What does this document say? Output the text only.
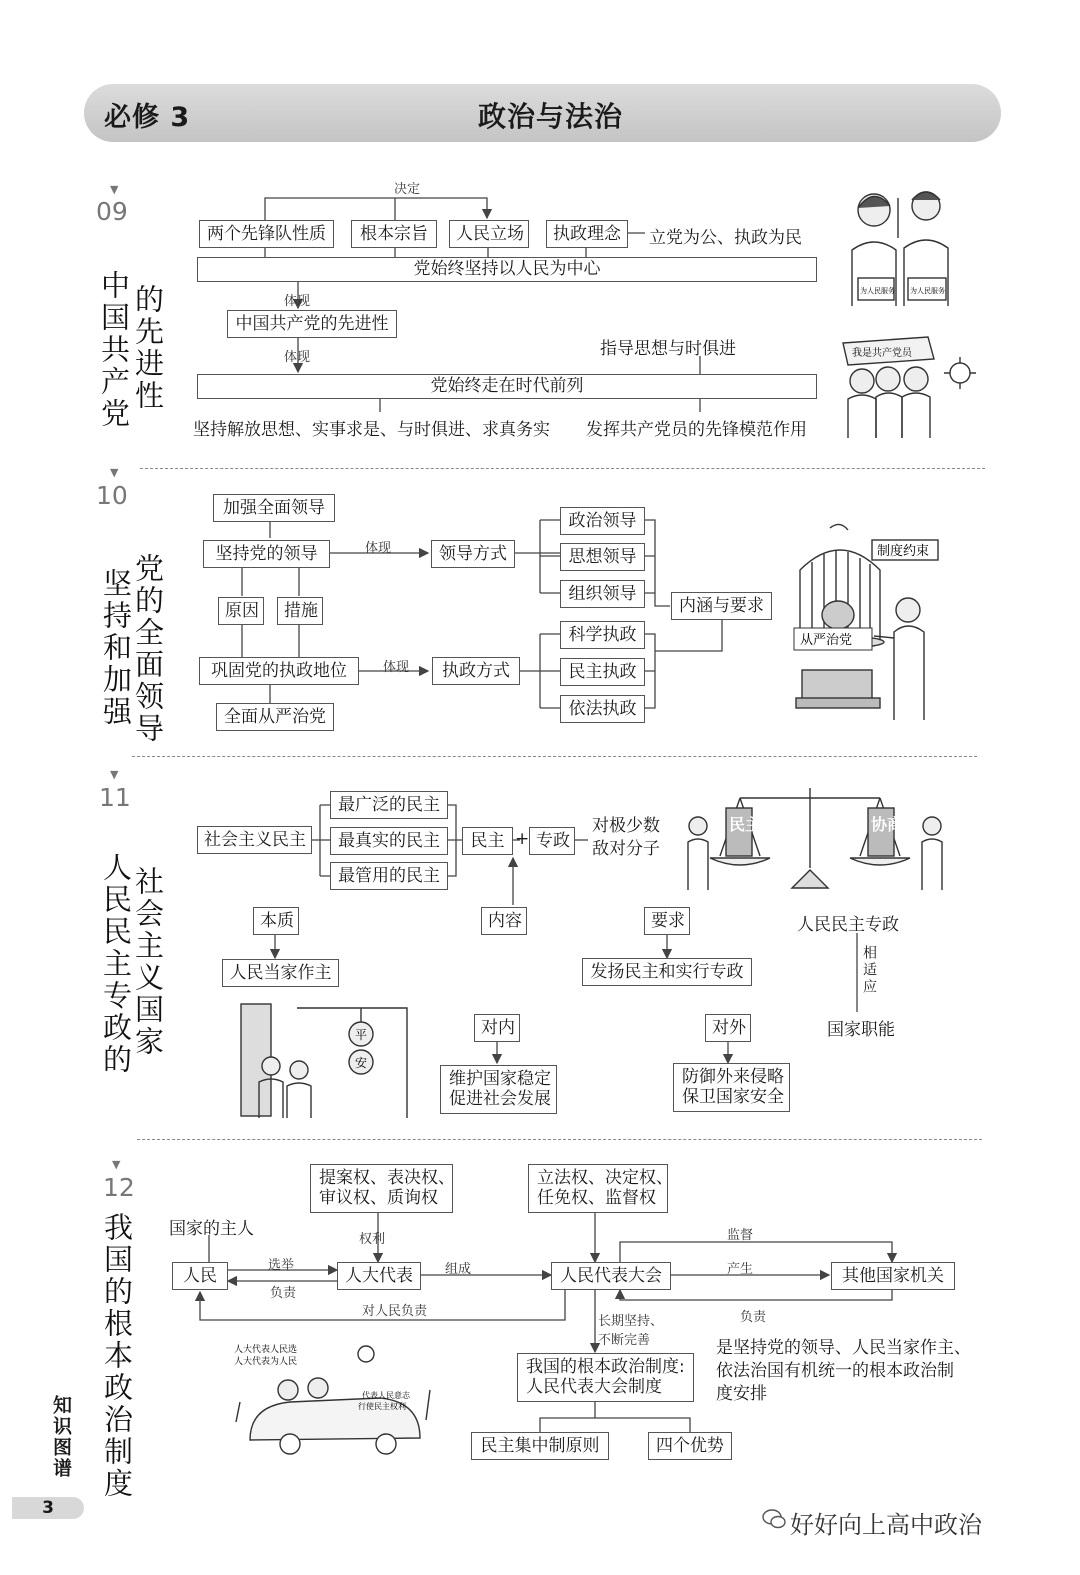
必修 3	政治与法治
▼
09
中国共产党 的先进性
决定
两个先锋队性质	根本宗旨	人民立场	执政理念	立党为公、执政为民
党始终坚持以人民为中心
体现
中国共产党的先进性
体现	指导思想与时俱进
党始终走在时代前列
坚持解放思想、实事求是、与时俱进、求真务实 发挥共产党员的先锋模范作用
为人民服务 为人民服务
我是共产党员
▼
10
坚持和加强
党的全面领导
加强全面领导
坚持党的领导	体现	领导方式
政治领导
思想领导
组织领导
内涵与要求
原因	措施
巩固党的执政地位	体现	执政方式
科学执政
民主执政
依法执政
全面从严治党
制度约束
从严治党
▼
11
人民民主专政的
社会主义国家
社会主义民主
最广泛的民主
最真实的民主
最管用的民主
民主 + 专政
对极少数
敌对分子
本质	内容	要求	人民民主专政
人民当家作主	发扬民主和实行专政	相适应
对内	对外	国家职能
维护国家稳定
促进社会发展
防御外来侵略
保卫国家安全
民主	协商
平
安
▼
12
我国的根本政治制度
提案权、表决权、
审议权、质询权
立法权、决定权、
任免权、监督权
国家的主人
权利	监督
人民
选举
负责
人大代表	组成	人民代表大会	产生	其他国家机关
负责
对人民负责
长期坚持、
不断完善
我国的根本政治制度:
人民代表大会制度
是坚持党的领导、人民当家作主、
依法治国有机统一的根本政治制
度安排
民主集中制原则	四个优势
人大代表人民选
人大代表为人民
代表人民意志
行使民主权利
知识图谱
3
好好向上高中政治
